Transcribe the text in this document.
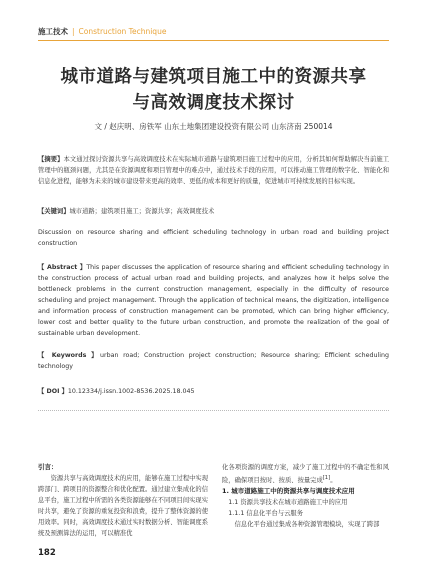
施工技术 | Construction Technique
城市道路与建筑项目施工中的资源共享
与高效调度技术探讨
文 / 赵庆明、房铁军 山东土地集团建设投资有限公司 山东济南 250014
【摘要】本文通过探讨资源共享与高效调度技术在实际城市道路与建筑项目施工过程中的应用，分析其如何帮助解决当前施工管理中的瓶颈问题，尤其是在资源调度和项目管理中的难点中，通过技术手段的应用，可以推动施工管理的数字化、智能化和信息化进程，能够为未来的城市建设带来更高的效率、更低的成本和更好的质量，促进城市可持续发展的目标实现。
【关键词】城市道路；建筑项目施工；资源共享；高效调度技术
Discussion on resource sharing and efficient scheduling technology in urban road and building project construction
【 Abstract 】This paper discusses the application of resource sharing and efficient scheduling technology in the construction process of actual urban road and building projects, and analyzes how it helps solve the bottleneck problems in the current construction management, especially in the difficulty of resource scheduling and project management. Through the application of technical means, the digitization, intelligence and information process of construction management can be promoted, which can bring higher efficiency, lower cost and better quality to the future urban construction, and promote the realization of the goal of sustainable urban development.
【 Keywords 】urban road; Construction project construction; Resource sharing; Efficient scheduling technology
【 DOI 】10.12334/j.issn.1002-8536.2025.18.045

引言：

资源共享与高效调度技术的应用，能够在施工过程中实现跨部门、跨项目的资源整合和优化配置。通过建立集成化的信息平台，施工过程中所需的各类资源能够在不同项目间实现实时共享，避免了资源的重复投资和浪费，提升了整体资源的使用效率。同时，高效调度技术通过实时数据分析、智能调度系统及预测算法的运用，可以精准优

化各项资源的调度方案，减少了施工过程中的不确定性和风险，确保项目按时、按质、按量完成[1]。

1. 城市道路施工中的资源共享与调度技术应用

1.1 资源共享技术在城市道路施工中的应用

1.1.1 信息化平台与云服务

信息化平台通过集成各种资源管理模块，实现了跨部

182
